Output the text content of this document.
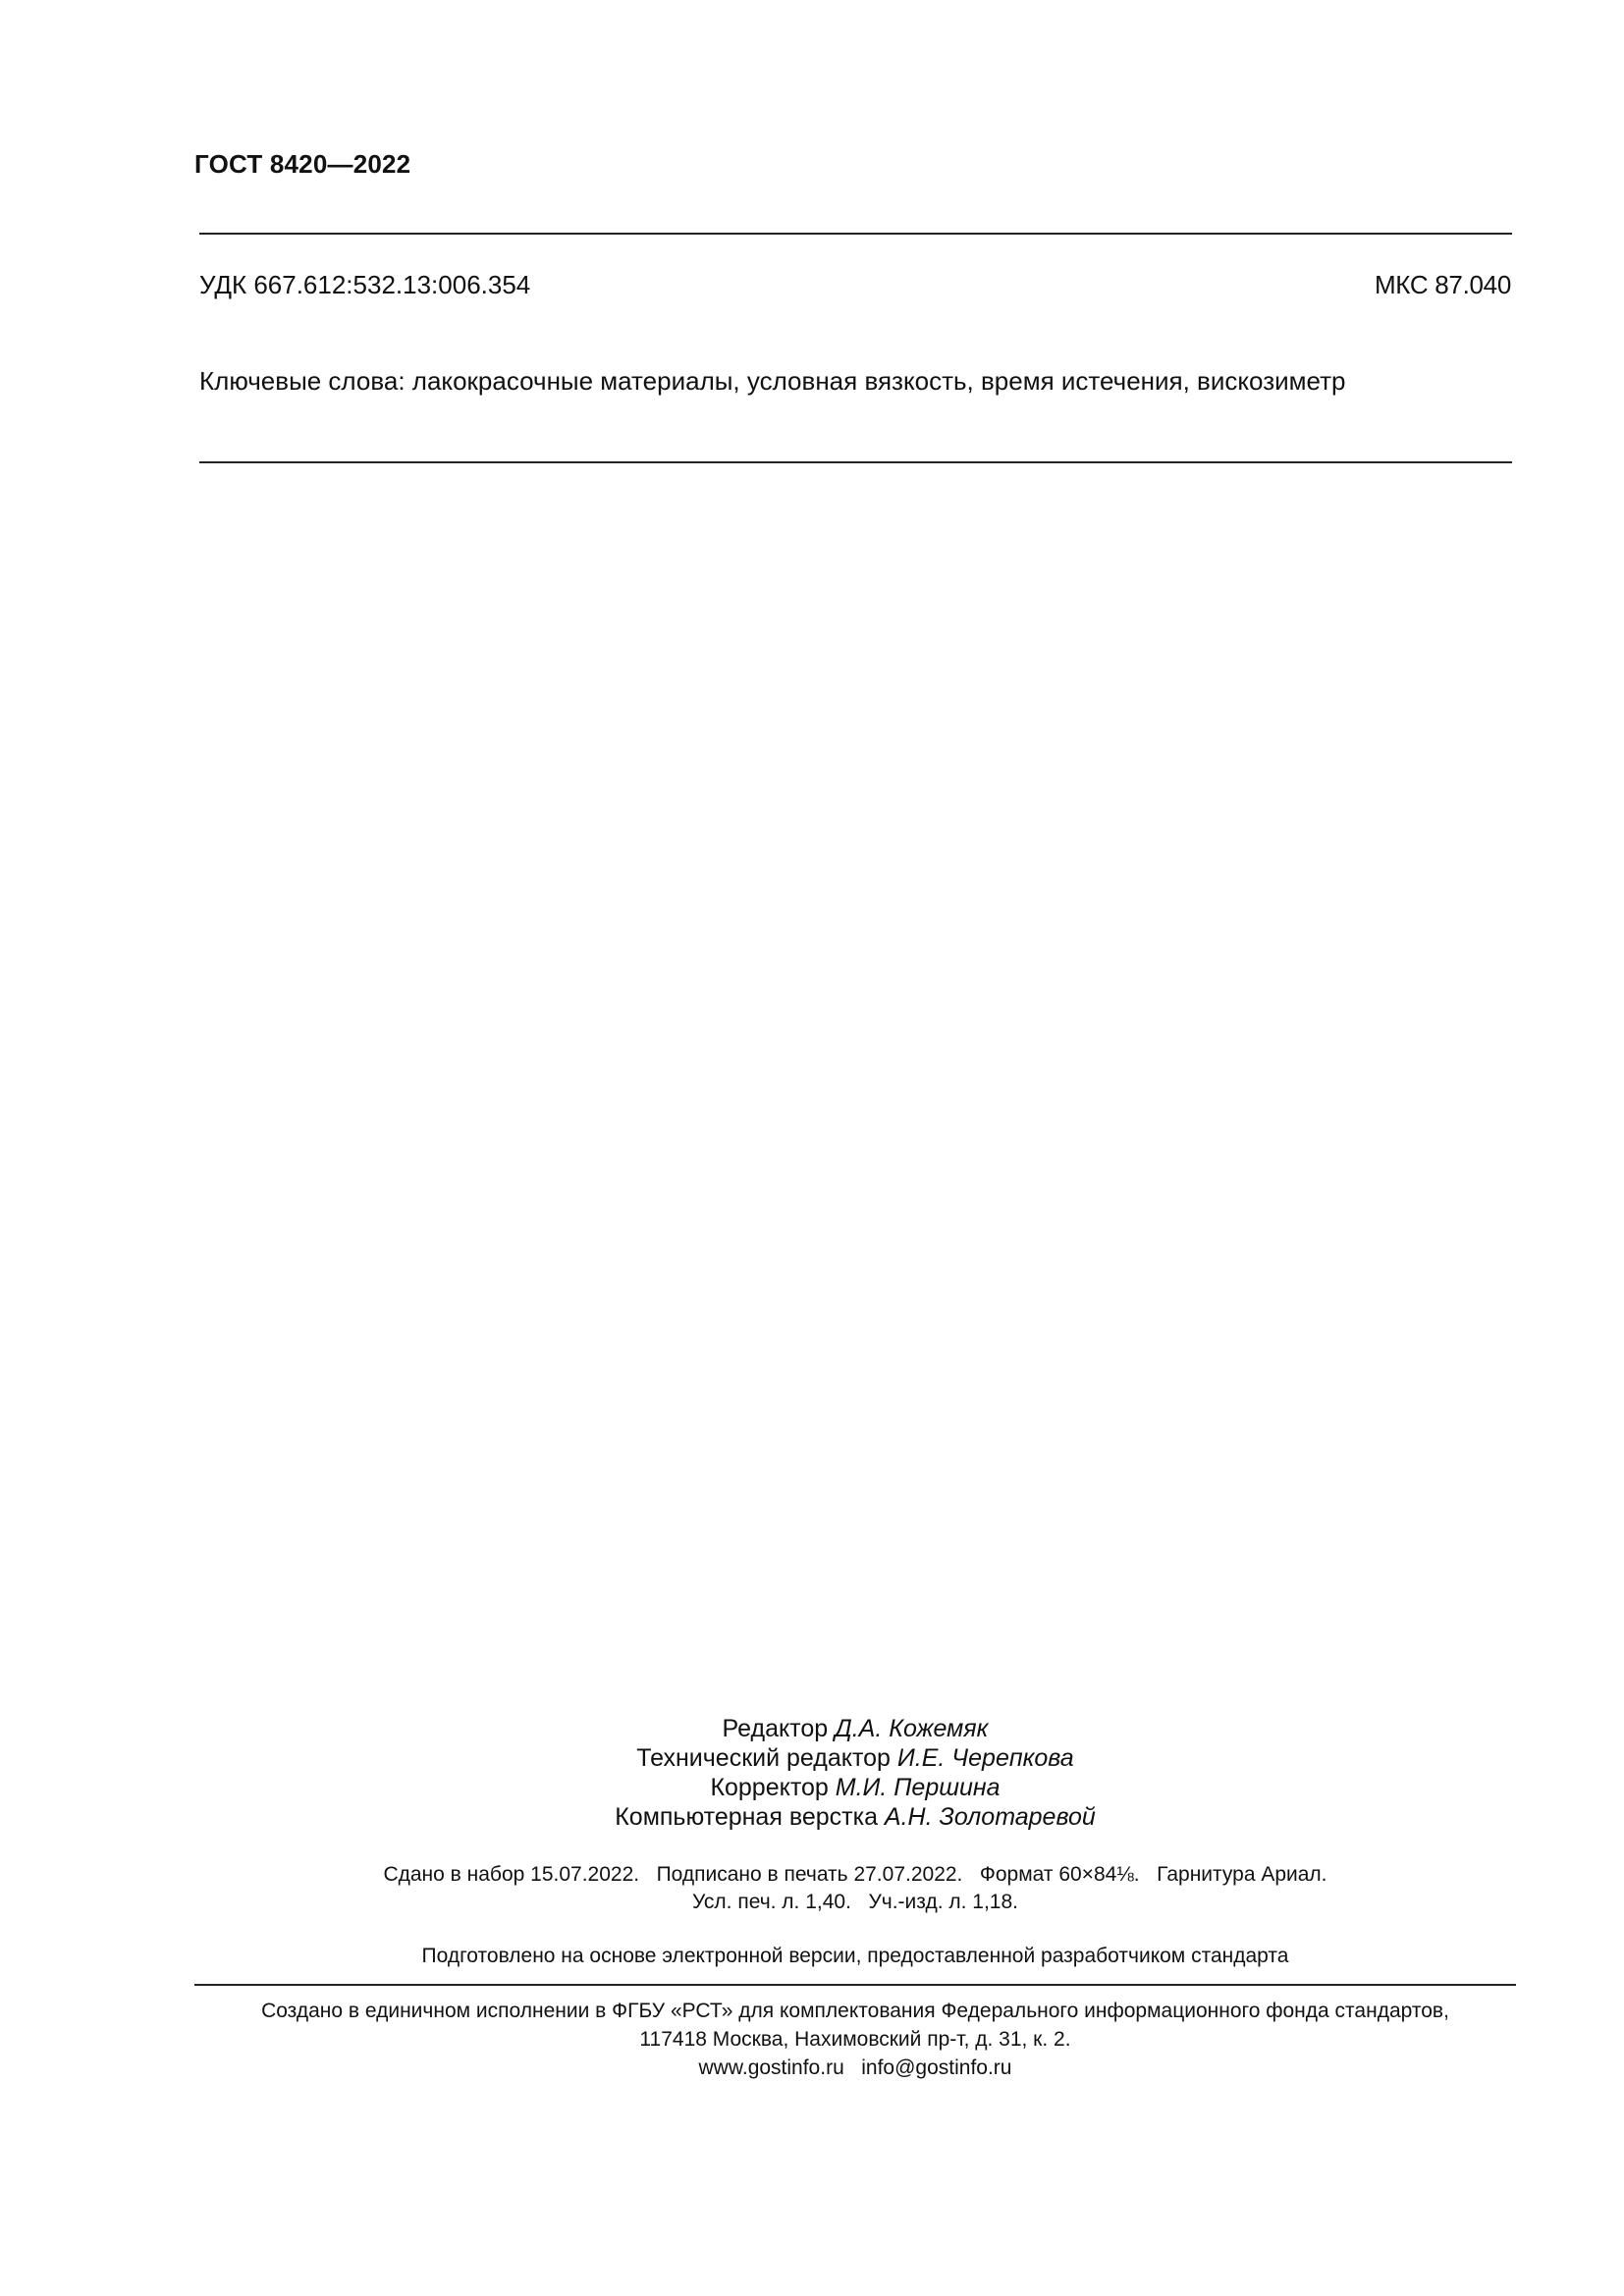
ГОСТ 8420—2022
УДК 667.612:532.13:006.354	МКС 87.040
Ключевые слова: лакокрасочные материалы, условная вязкость, время истечения, вискозиметр
Редактор Д.А. Кожемяк
Технический редактор И.Е. Черепкова
Корректор М.И. Першина
Компьютерная верстка А.Н. Золотаревой
Сдано в набор 15.07.2022.   Подписано в печать 27.07.2022.   Формат 60×84⅛.   Гарнитура Ариал.
Усл. печ. л. 1,40.   Уч.-изд. л. 1,18.
Подготовлено на основе электронной версии, предоставленной разработчиком стандарта
Создано в единичном исполнении в ФГБУ «РСТ» для комплектования Федерального информационного фонда стандартов,
117418 Москва, Нахимовский пр-т, д. 31, к. 2.
www.gostinfo.ru   info@gostinfo.ru
